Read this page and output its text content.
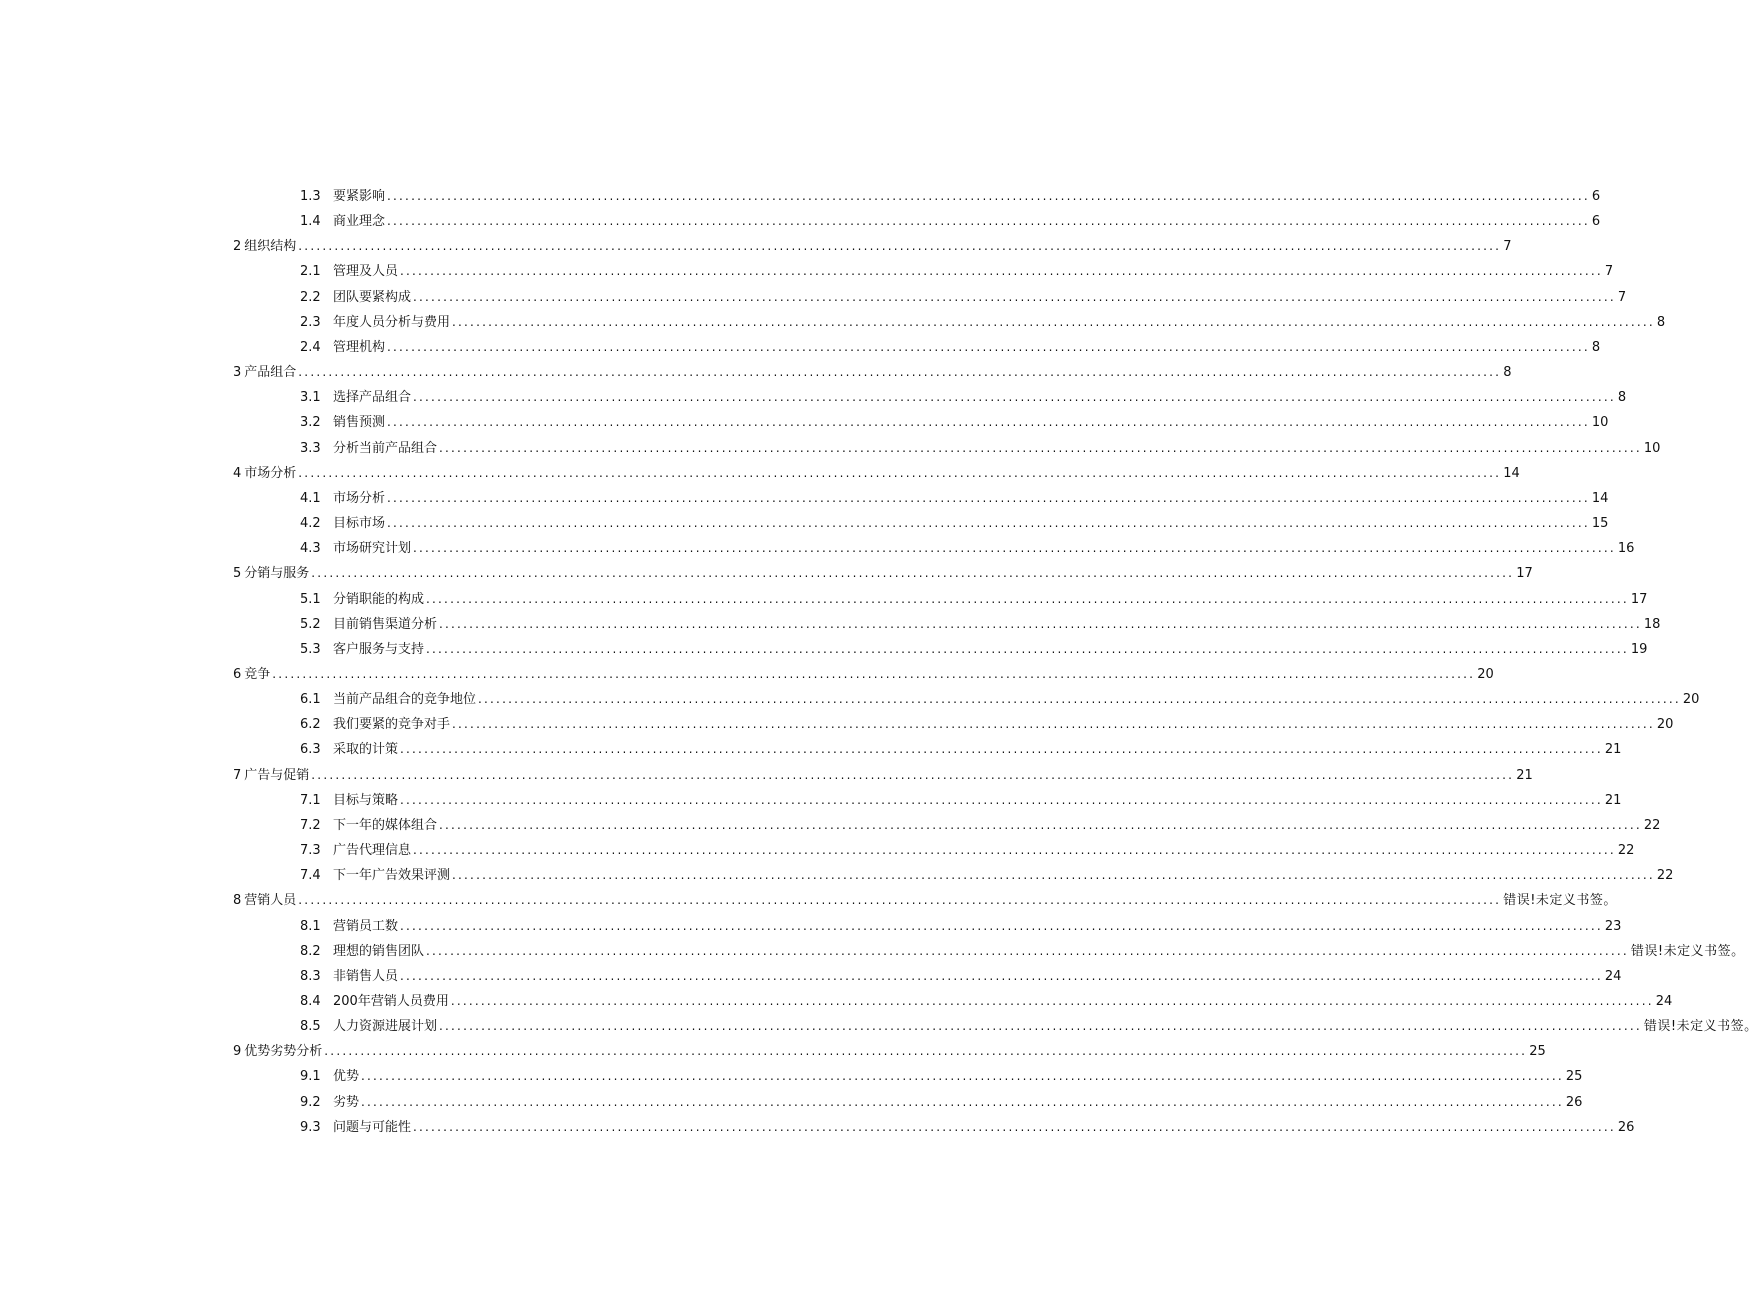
1.3 要紧影响 ........................................................................................................................................................................................................ 6
1.4 商业理念 ........................................................................................................................................................................................................ 6
2 组织结构 ........................................................................................................................................................................................................ 7
2.1 管理及人员 ........................................................................................................................................................................................................ 7
2.2 团队要紧构成 ........................................................................................................................................................................................................ 7
2.3 年度人员分析与费用 ........................................................................................................................................................................................................ 8
2.4 管理机构 ........................................................................................................................................................................................................ 8
3 产品组合 ........................................................................................................................................................................................................ 8
3.1 选择产品组合 ........................................................................................................................................................................................................ 8
3.2 销售预测 ........................................................................................................................................................................................................ 10
3.3 分析当前产品组合 ........................................................................................................................................................................................................ 10
4 市场分析 ........................................................................................................................................................................................................ 14
4.1 市场分析 ........................................................................................................................................................................................................ 14
4.2 目标市场 ........................................................................................................................................................................................................ 15
4.3 市场研究计划 ........................................................................................................................................................................................................ 16
5 分销与服务 ........................................................................................................................................................................................................ 17
5.1 分销职能的构成 ........................................................................................................................................................................................................ 17
5.2 目前销售渠道分析 ........................................................................................................................................................................................................ 18
5.3 客户服务与支持 ........................................................................................................................................................................................................ 19
6 竞争 ........................................................................................................................................................................................................ 20
6.1 当前产品组合的竞争地位 ........................................................................................................................................................................................................ 20
6.2 我们要紧的竞争对手 ........................................................................................................................................................................................................ 20
6.3 采取的计策 ........................................................................................................................................................................................................ 21
7 广告与促销 ........................................................................................................................................................................................................ 21
7.1 目标与策略 ........................................................................................................................................................................................................ 21
7.2 下一年的媒体组合 ........................................................................................................................................................................................................ 22
7.3 广告代理信息 ........................................................................................................................................................................................................ 22
7.4 下一年广告效果评测 ........................................................................................................................................................................................................ 22
8 营销人员 ........................................................................................................................................................................................................ 错误!未定义书签。
8.1 营销员工数 ........................................................................................................................................................................................................ 23
8.2 理想的销售团队 ........................................................................................................................................................................................................ 错误!未定义书签。
8.3 非销售人员 ........................................................................................................................................................................................................ 24
8.4 200年营销人员费用 ........................................................................................................................................................................................................ 24
8.5 人力资源进展计划 ........................................................................................................................................................................................................ 错误!未定义书签。
9 优势劣势分析 ........................................................................................................................................................................................................ 25
9.1 优势 ........................................................................................................................................................................................................ 25
9.2 劣势 ........................................................................................................................................................................................................ 26
9.3 问题与可能性 ........................................................................................................................................................................................................ 26
